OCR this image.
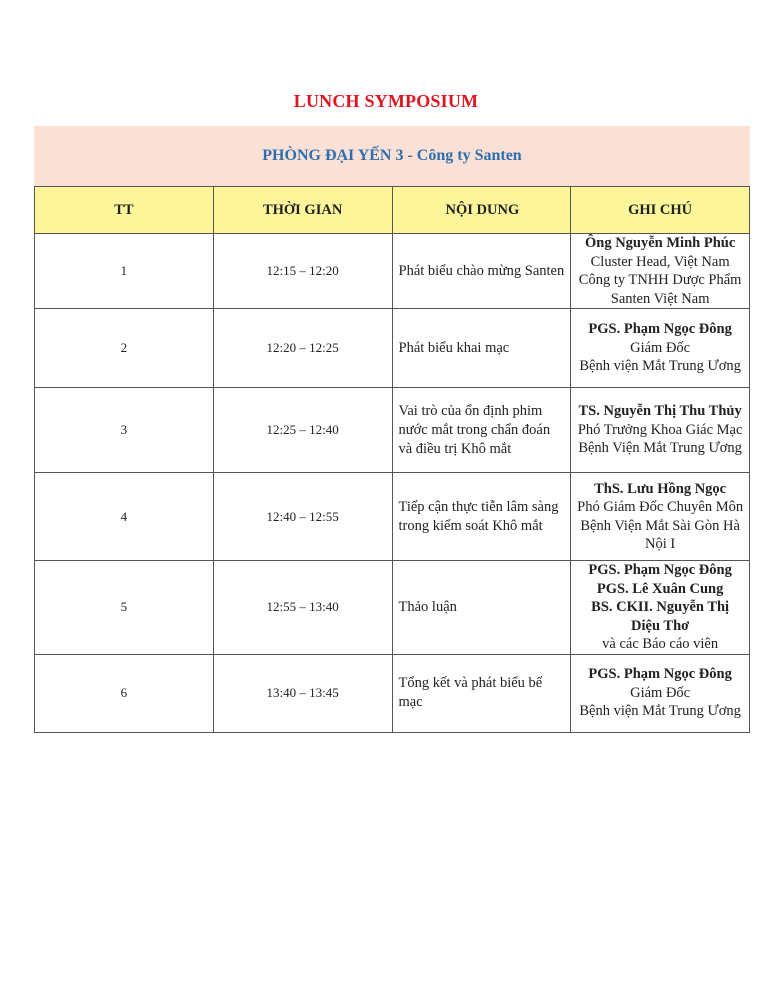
LUNCH SYMPOSIUM
PHÒNG ĐẠI YẾN 3 - Công ty Santen			
TT	THỜI GIAN	NỘI DUNG	GHI CHÚ
1	12:15 – 12:20	Phát biểu chào mừng Santen	Ông Nguyễn Minh Phúc
Cluster Head, Việt Nam
Công ty TNHH Dược Phẩm Santen Việt Nam

2	12:20 – 12:25	Phát biểu khai mạc	PGS. Phạm Ngọc Đông
Giám Đốc
Bệnh viện Mắt Trung Ương

3	12:25 – 12:40	Vai trò của ổn định phim nước mắt trong chẩn đoán và điều trị Khô mắt	TS. Nguyễn Thị Thu Thủy
Phó Trưởng Khoa Giác Mạc
Bệnh Viện Mắt Trung Ương

4	12:40 – 12:55	Tiếp cận thực tiễn lâm sàng trong kiểm soát Khô mắt	ThS. Lưu Hồng Ngọc
Phó Giám Đốc Chuyên Môn
Bệnh Viện Mắt Sài Gòn Hà Nội I

5	12:55 – 13:40	Thảo luận	PGS. Phạm Ngọc Đông
PGS. Lê Xuân Cung
BS. CKII. Nguyễn Thị Diệu Thơ
và các Báo cáo viên

6	13:40 – 13:45	Tổng kết và phát biểu bế mạc	PGS. Phạm Ngọc Đông
Giám Đốc
Bệnh viện Mắt Trung Ương
